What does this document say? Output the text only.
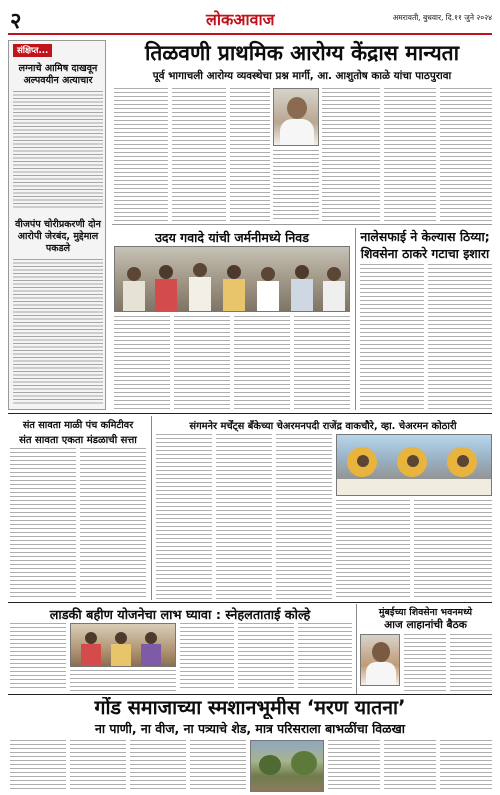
२	लोकआवाज	अमरावती, बुधवार, दि.११ जुने २०२४
संक्षिप्त...
लग्नाचे आमिष दाखवून अल्पवयीन अत्याचार
वीजपंप चोरीप्रकरणी दोन आरोपी जेरबंद, मुद्देमाल पकडले
तिळवणी प्राथमिक आरोग्य केंद्रास मान्यता
पूर्व भागाचली आरोग्य व्यवस्थेचा प्रश्न मार्गी, आ. आशुतोष काळे यांचा पाठपुरावा
उदय गवादे यांची जर्मनीमध्ये निवड	नालेसफाई ने केल्यास ठिय्या;
शिवसेना ठाकरे गटाचा इशारा
संत सावता माळी पंच कमिटीवर
संत सावता एकता मंडळाची सत्ता
संगमनेर मर्चेंट्स बँकेच्या चेअरमनपदी राजेंद्र वाकचौरे, व्हा. चेअरमन कोठारी
लाडकी बहीण योजनेचा लाभ घ्यावा : स्नेहलताताई कोल्हे	मुंबईच्या शिवसेना भवनमध्ये
आज लाहानांची बैठक
गोंड समाजाच्या स्मशानभूमीस ‘मरण यातना’
ना पाणी, ना वीज, ना पत्र्याचे शेड, मात्र परिसराला बाभळींचा विळखा
